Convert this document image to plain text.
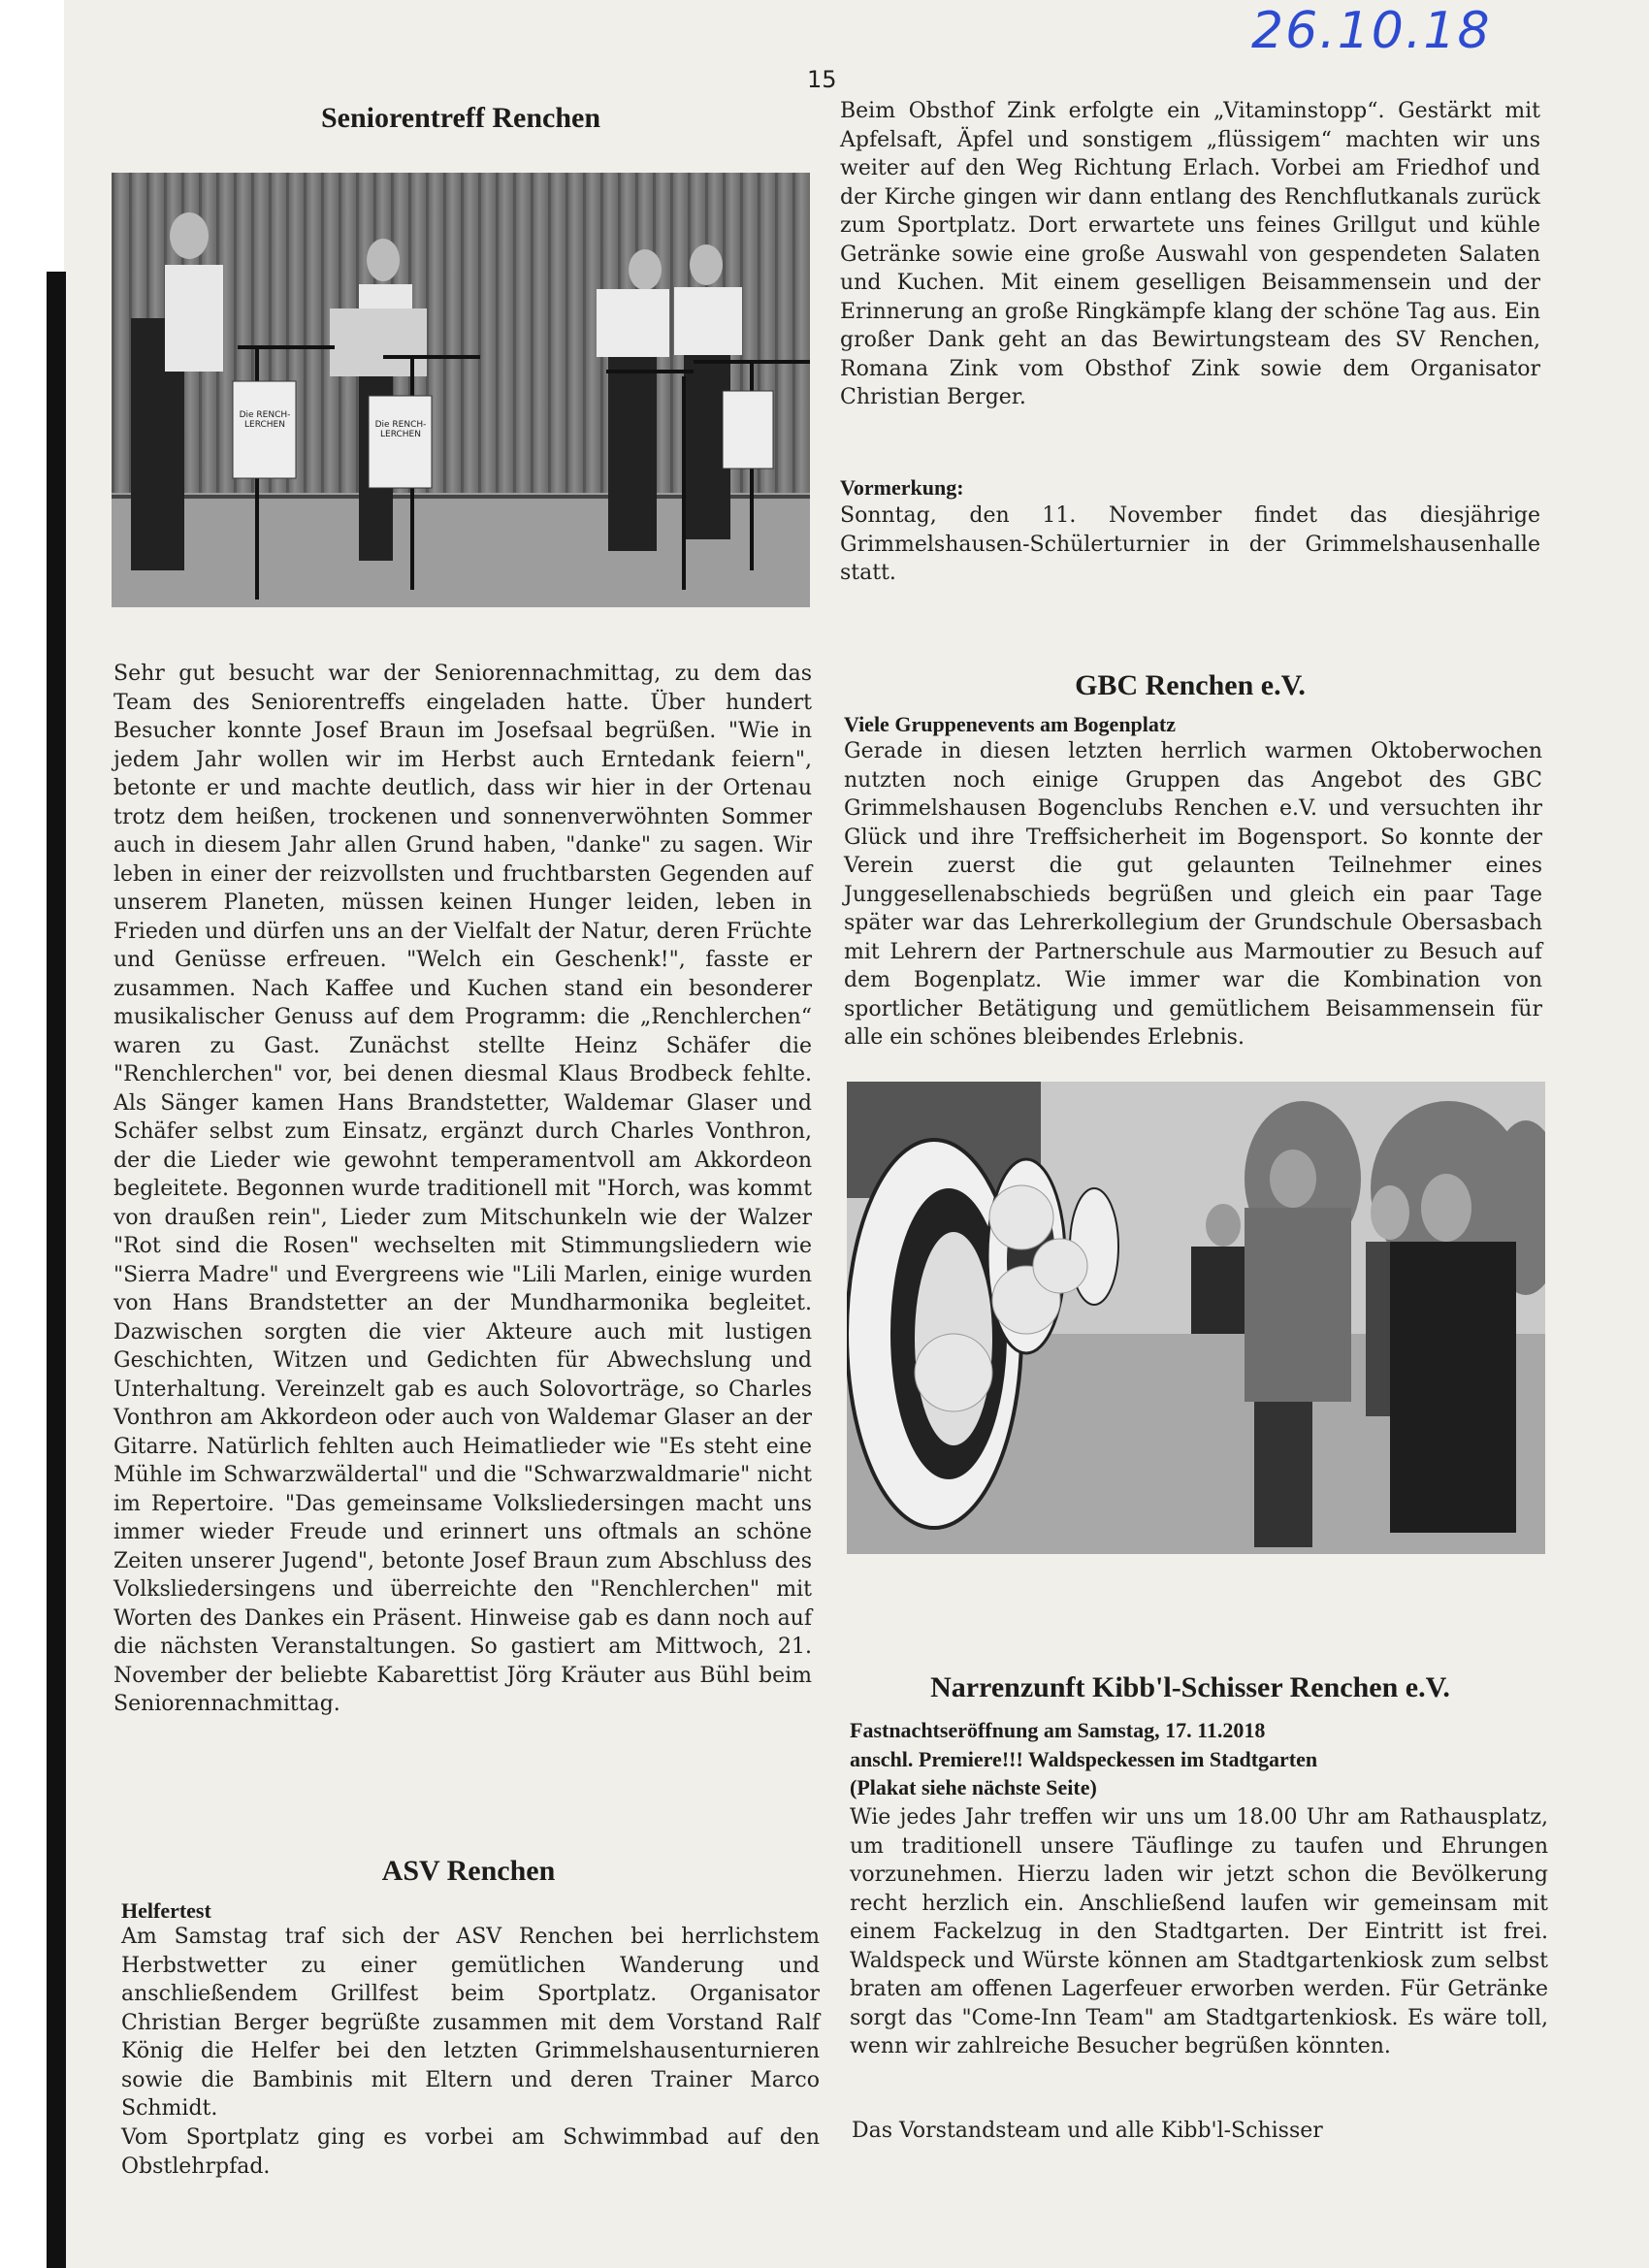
26.10.18
15
Seniorentreff Renchen
Die RENCH-LERCHEN	Die RENCH-LERCHEN
Sehr gut besucht war der Seniorennachmittag, zu dem das Team des Seniorentreffs eingeladen hatte. Über hundert Besucher konnte Josef Braun im Josefsaal begrüßen. "Wie in jedem Jahr wollen wir im Herbst auch Erntedank feiern", betonte er und machte deutlich, dass wir hier in der Ortenau trotz dem heißen, trockenen und sonnenverwöhnten Sommer auch in diesem Jahr allen Grund haben, "danke" zu sagen. Wir leben in einer der reizvollsten und fruchtbarsten Gegenden auf unserem Planeten, müssen keinen Hunger leiden, leben in Frieden und dürfen uns an der Vielfalt der Natur, deren Früchte und Genüsse erfreuen. "Welch ein Geschenk!", fasste er zusammen. Nach Kaffee und Kuchen stand ein besonderer musikalischer Genuss auf dem Programm: die „Renchlerchen“ waren zu Gast. Zunächst stellte Heinz Schäfer die "Renchlerchen" vor, bei denen diesmal Klaus Brodbeck fehlte. Als Sänger kamen Hans Brandstetter, Waldemar Glaser und Schäfer selbst zum Einsatz, ergänzt durch Charles Vonthron, der die Lieder wie gewohnt temperamentvoll am Akkordeon begleitete. Begonnen wurde traditionell mit "Horch, was kommt von draußen rein", Lieder zum Mitschunkeln wie der Walzer "Rot sind die Rosen" wechselten mit Stimmungsliedern wie "Sierra Madre" und Evergreens wie "Lili Marlen, einige wurden von Hans Brandstetter an der Mundharmonika begleitet. Dazwischen sorgten die vier Akteure auch mit lustigen Geschichten, Witzen und Gedichten für Abwechslung und Unterhaltung. Vereinzelt gab es auch Solovorträge, so Charles Vonthron am Akkordeon oder auch von Waldemar Glaser an der Gitarre. Natürlich fehlten auch Heimatlieder wie "Es steht eine Mühle im Schwarzwäldertal" und die "Schwarzwaldmarie" nicht im Repertoire. "Das gemeinsame Volksliedersingen macht uns immer wieder Freude und erinnert uns oftmals an schöne Zeiten unserer Jugend", betonte Josef Braun zum Abschluss des Volksliedersingens und überreichte den "Renchlerchen" mit Worten des Dankes ein Präsent. Hinweise gab es dann noch auf die nächsten Veranstaltungen. So gastiert am Mittwoch, 21. November der beliebte Kabarettist Jörg Kräuter aus Bühl beim Seniorennachmittag.
ASV Renchen
Helfertest
Am Samstag traf sich der ASV Renchen bei herrlichstem Herbstwetter zu einer gemütlichen Wanderung und anschließendem Grillfest beim Sportplatz. Organisator Christian Berger begrüßte zusammen mit dem Vorstand Ralf König die Helfer bei den letzten Grimmelshausenturnieren sowie die Bambinis mit Eltern und deren Trainer Marco Schmidt.
Vom Sportplatz ging es vorbei am Schwimmbad auf den Obstlehrpfad.
Beim Obsthof Zink erfolgte ein „Vitaminstopp“. Gestärkt mit Apfelsaft, Äpfel und sonstigem „flüssigem“ machten wir uns weiter auf den Weg Richtung Erlach. Vorbei am Friedhof und der Kirche gingen wir dann entlang des Renchflutkanals zurück zum Sportplatz. Dort erwartete uns feines Grillgut und kühle Getränke sowie eine große Auswahl von gespendeten Salaten und Kuchen. Mit einem geselligen Beisammensein und der Erinnerung an große Ringkämpfe klang der schöne Tag aus. Ein großer Dank geht an das Bewirtungsteam des SV Renchen, Romana Zink vom Obsthof Zink sowie dem Organisator Christian Berger.
Vormerkung:
Sonntag, den 11. November findet das diesjährige Grimmelshausen-Schülerturnier in der Grimmelshausenhalle statt.
GBC Renchen e.V.
Viele Gruppenevents am Bogenplatz
Gerade in diesen letzten herrlich warmen Oktoberwochen nutzten noch einige Gruppen das Angebot des GBC Grimmelshausen Bogenclubs Renchen e.V. und versuchten ihr Glück und ihre Treffsicherheit im Bogensport. So konnte der Verein zuerst die gut gelaunten Teilnehmer eines Junggesellenabschieds begrüßen und gleich ein paar Tage später war das Lehrerkollegium der Grundschule Obersasbach mit Lehrern der Partnerschule aus Marmoutier zu Besuch auf dem Bogenplatz. Wie immer war die Kombination von sportlicher Betätigung und gemütlichem Beisammensein für alle ein schönes bleibendes Erlebnis.
Narrenzunft Kibb'l-Schisser Renchen e.V.
Fastnachtseröffnung am Samstag, 17. 11.2018
anschl. Premiere!!! Waldspeckessen im Stadtgarten
(Plakat siehe nächste Seite)
Wie jedes Jahr treffen wir uns um 18.00 Uhr am Rathausplatz, um traditionell unsere Täuflinge zu taufen und Ehrungen vorzunehmen. Hierzu laden wir jetzt schon die Bevölkerung recht herzlich ein. Anschließend laufen wir gemeinsam mit einem Fackelzug in den Stadtgarten. Der Eintritt ist frei. Waldspeck und Würste können am Stadtgartenkiosk zum selbst braten am offenen Lagerfeuer erworben werden. Für Getränke sorgt das "Come-Inn Team" am Stadtgartenkiosk. Es wäre toll, wenn wir zahlreiche Besucher begrüßen könnten.
Das Vorstandsteam und alle Kibb'l-Schisser
